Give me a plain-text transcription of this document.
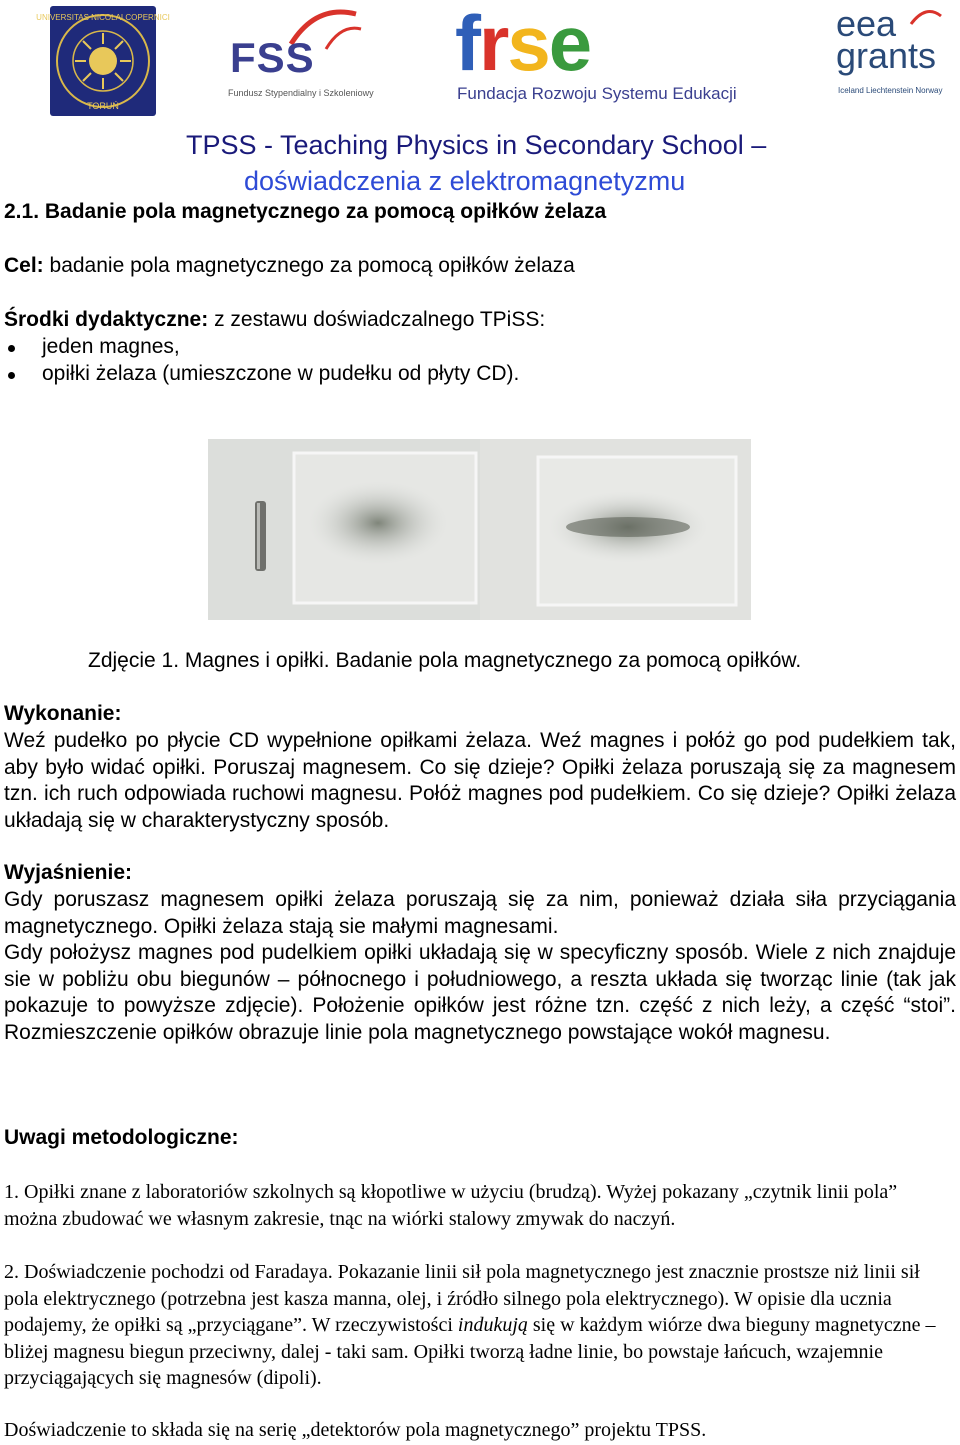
UNIVERSITAS NICOLAI COPERNICI
TORUŃ
FSS
Fundusz Stypendialny i Szkoleniowy
frse
Fundacja Rozwoju Systemu Edukacji
eea
grants
Iceland Liechtenstein Norway
TPSS - Teaching Physics in Secondary School –
doświadczenia z elektromagnetyzmu
2.1. Badanie pola magnetycznego za pomocą opiłków żelaza
Cel: badanie pola magnetycznego za pomocą opiłków żelaza
Środki dydaktyczne: z zestawu doświadczalnego TPiSS:
jeden magnes,
opiłki żelaza (umieszczone w pudełku od płyty CD).
Zdjęcie 1. Magnes i opiłki. Badanie pola magnetycznego za pomocą opiłków.
Wykonanie:
Weź pudełko po płycie CD wypełnione opiłkami żelaza. Weź magnes i połóż go pod pudełkiem tak, aby było widać opiłki. Poruszaj magnesem. Co się dzieje? Opiłki żelaza poruszają się za magnesem tzn. ich ruch odpowiada ruchowi magnesu. Połóż magnes pod pudełkiem. Co się dzieje? Opiłki żelaza układają się w charakterystyczny sposób.
Wyjaśnienie:
Gdy poruszasz magnesem opiłki żelaza poruszają się za nim, ponieważ działa siła przyciągania magnetycznego. Opiłki żelaza stają sie małymi magnesami.
Gdy położysz magnes pod pudelkiem opiłki układają się w specyficzny sposób. Wiele z nich znajduje sie w pobliżu obu biegunów – północnego i południowego, a reszta układa się tworząc linie (tak jak pokazuje to powyższe zdjęcie). Położenie opiłków jest różne tzn. część z nich leży, a część “stoi”. Rozmieszczenie opiłków obrazuje linie pola magnetycznego powstające wokół magnesu.
Uwagi metodologiczne:
1. Opiłki znane z laboratoriów szkolnych są kłopotliwe w użyciu (brudzą). Wyżej pokazany „czytnik linii pola” można zbudować we własnym zakresie, tnąc na wiórki stalowy zmywak do naczyń.
2. Doświadczenie pochodzi od Faradaya. Pokazanie linii sił pola magnetycznego jest znacznie prostsze niż linii sił pola elektrycznego (potrzebna jest kasza manna, olej, i źródło silnego pola elektrycznego). W opisie dla ucznia podajemy, że opiłki są „przyciągane”. W rzeczywistości indukują się w każdym wiórze dwa bieguny magnetyczne – bliżej magnesu biegun przeciwny, dalej - taki sam. Opiłki tworzą ładne linie, bo powstaje łańcuch, wzajemnie przyciągających się magnesów (dipoli).
Doświadczenie to składa się na serię „detektorów pola magnetycznego” projektu TPSS.
